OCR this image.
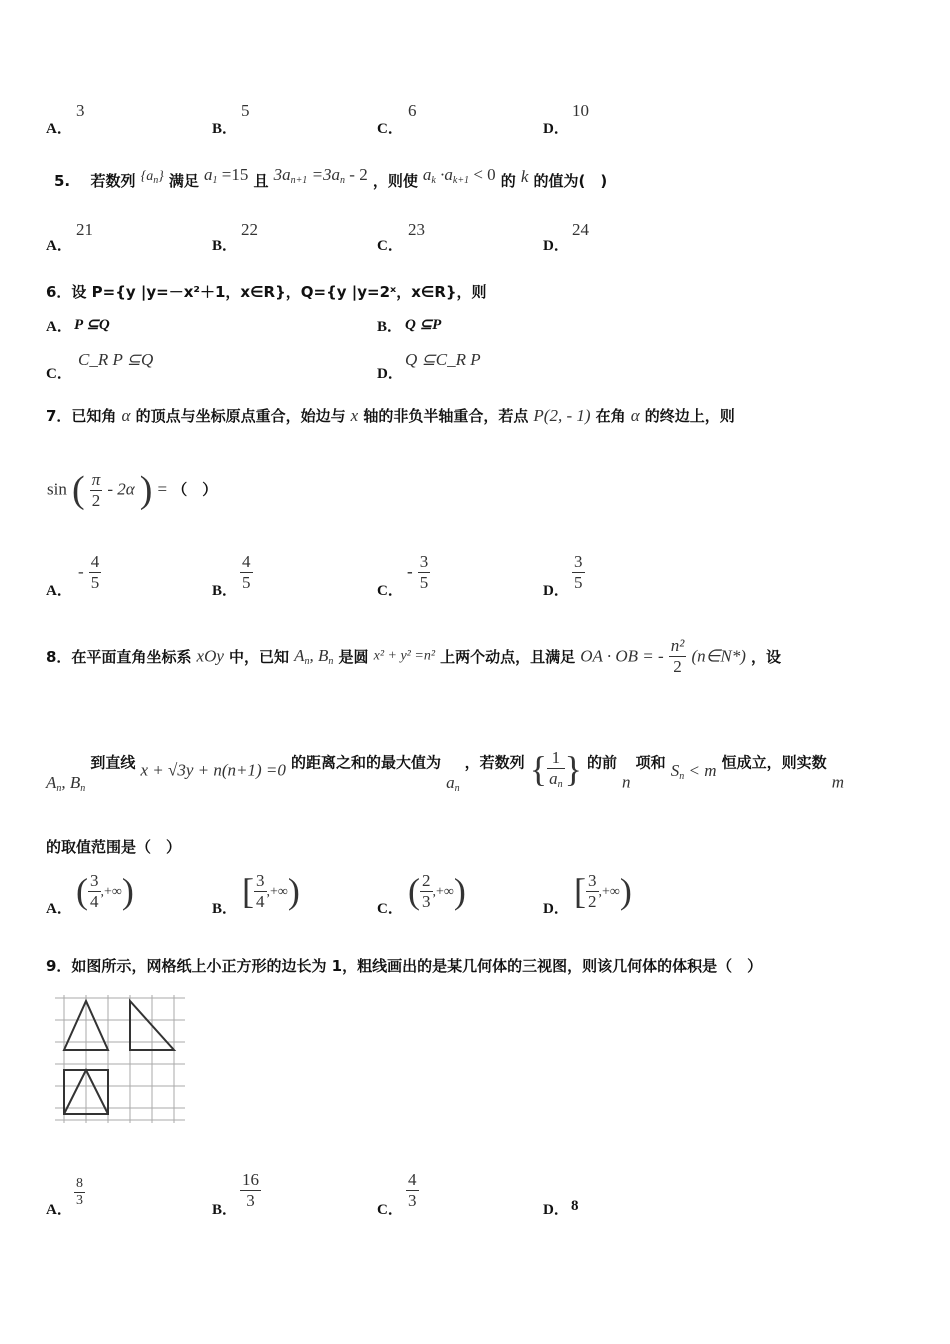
A．
3
B．
5
C．
6
D．
10
5. 若数列 $\{a_n\}$ 满足 $a_1 =15$ 且 $3a_{n+1} =3a_n - 2$ ，则使 $a_k \cdot a_{k+1} < 0$ 的 k 的值为(　)
A．
21
B．
22
C．
23
D．
24
6．设 P={y |y=－x²＋1，x∈R}，Q={y |y=2ˣ，x∈R}，则
A． P ⊆Q	B． Q ⊆P
C．
C_R P ⊆Q
D．
Q ⊆C_R P
7．已知角 α 的顶点与坐标原点重合，始边与 x 轴的非负半轴重合，若点 P(2, - 1) 在角 α 的终边上，则
sin ( $\frac{\pi}{2} - 2\alpha$ ) = （　）
A．
- $\frac{4}{5}$	B． $\frac{4}{5}$	C．
- $\frac{3}{5}$	D． $\frac{3}{5}$
8．在平面直角坐标系 xOy 中，已知 $A_n$, $B_n$ 是圆 x² + y² =n² 上两个动点，且满足 OA · OB = - $\frac{\text{n²}}{2}$ (n∈N*) ，设
$A_n$, $B_n$ 到直线 x + √3y + n(n+1) =0 的距离之和的最大值为 $a_n$ ，若数列 { $\frac{1}{a_n}$ } 的前 n 项和 $S_n < m$ 恒成立，则实数 m
的取值范围是（　）
A． ( $\frac{3}{4}$ ,+∞)	B． [ $\frac{3}{4}$ ,+∞)	C． ( $\frac{2}{3}$ ,+∞)	D． [ $\frac{3}{2}$ ,+∞)
9．如图所示，网格纸上小正方形的边长为 1，粗线画出的是某几何体的三视图，则该几何体的体积是（　）
A．
$\frac{8}{3}$
B． $\frac{16}{3}$	C． $\frac{4}{3}$	D． 8
